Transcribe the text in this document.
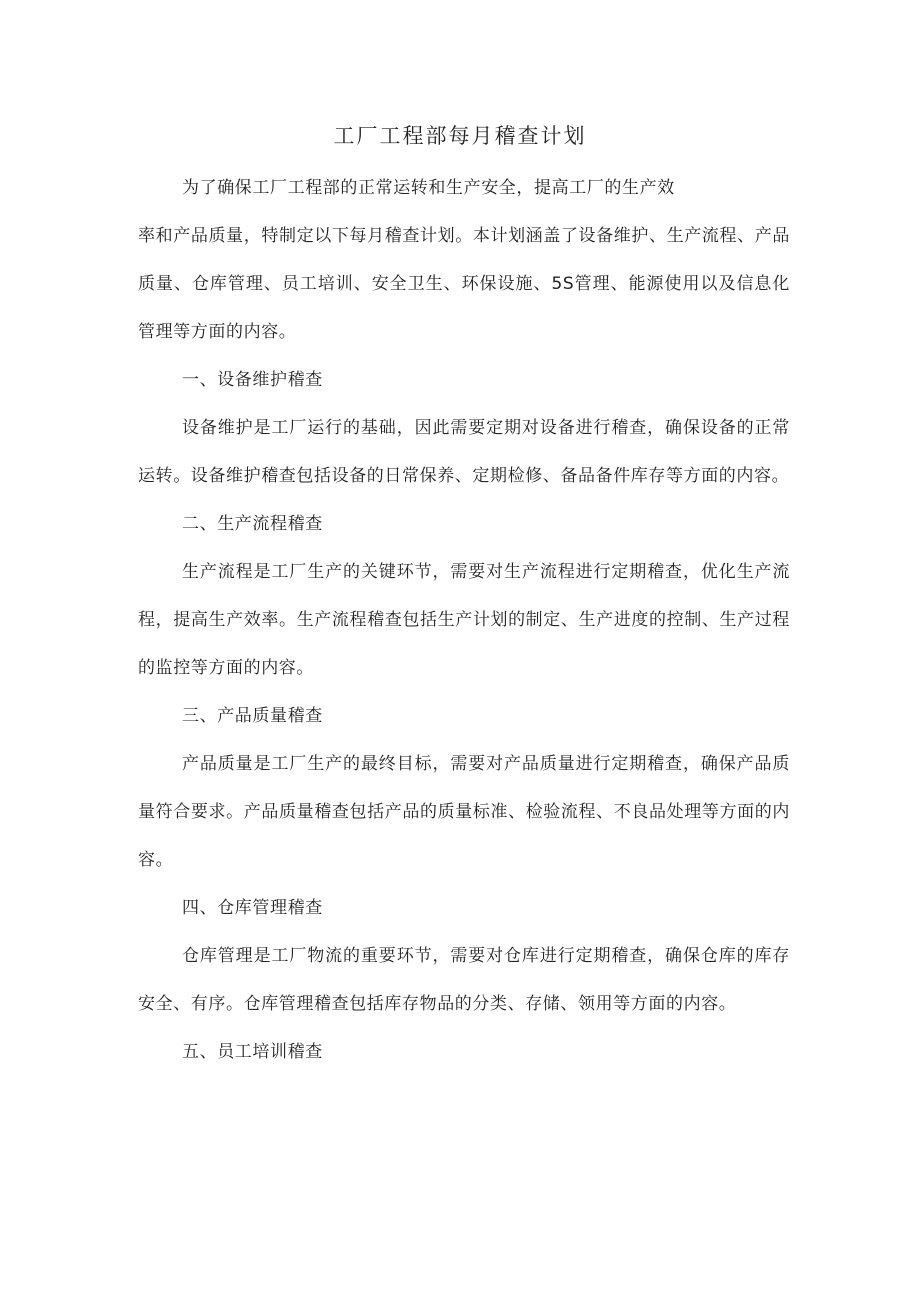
工厂工程部每月稽查计划

为了确保工厂工程部的正常运转和生产安全，提高工厂的生产效

率和产品质量，特制定以下每月稽查计划。本计划涵盖了设备维护、生产流程、产品质量、仓库管理、员工培训、安全卫生、环保设施、5S管理、能源使用以及信息化管理等方面的内容。

一、设备维护稽查

设备维护是工厂运行的基础，因此需要定期对设备进行稽查，确保设备的正常运转。设备维护稽查包括设备的日常保养、定期检修、备品备件库存等方面的内容。

二、生产流程稽查

生产流程是工厂生产的关键环节，需要对生产流程进行定期稽查，优化生产流程，提高生产效率。生产流程稽查包括生产计划的制定、生产进度的控制、生产过程的监控等方面的内容。

三、产品质量稽查

产品质量是工厂生产的最终目标，需要对产品质量进行定期稽查，确保产品质量符合要求。产品质量稽查包括产品的质量标准、检验流程、不良品处理等方面的内容。

四、仓库管理稽查

仓库管理是工厂物流的重要环节，需要对仓库进行定期稽查，确保仓库的库存安全、有序。仓库管理稽查包括库存物品的分类、存储、领用等方面的内容。

五、员工培训稽查
